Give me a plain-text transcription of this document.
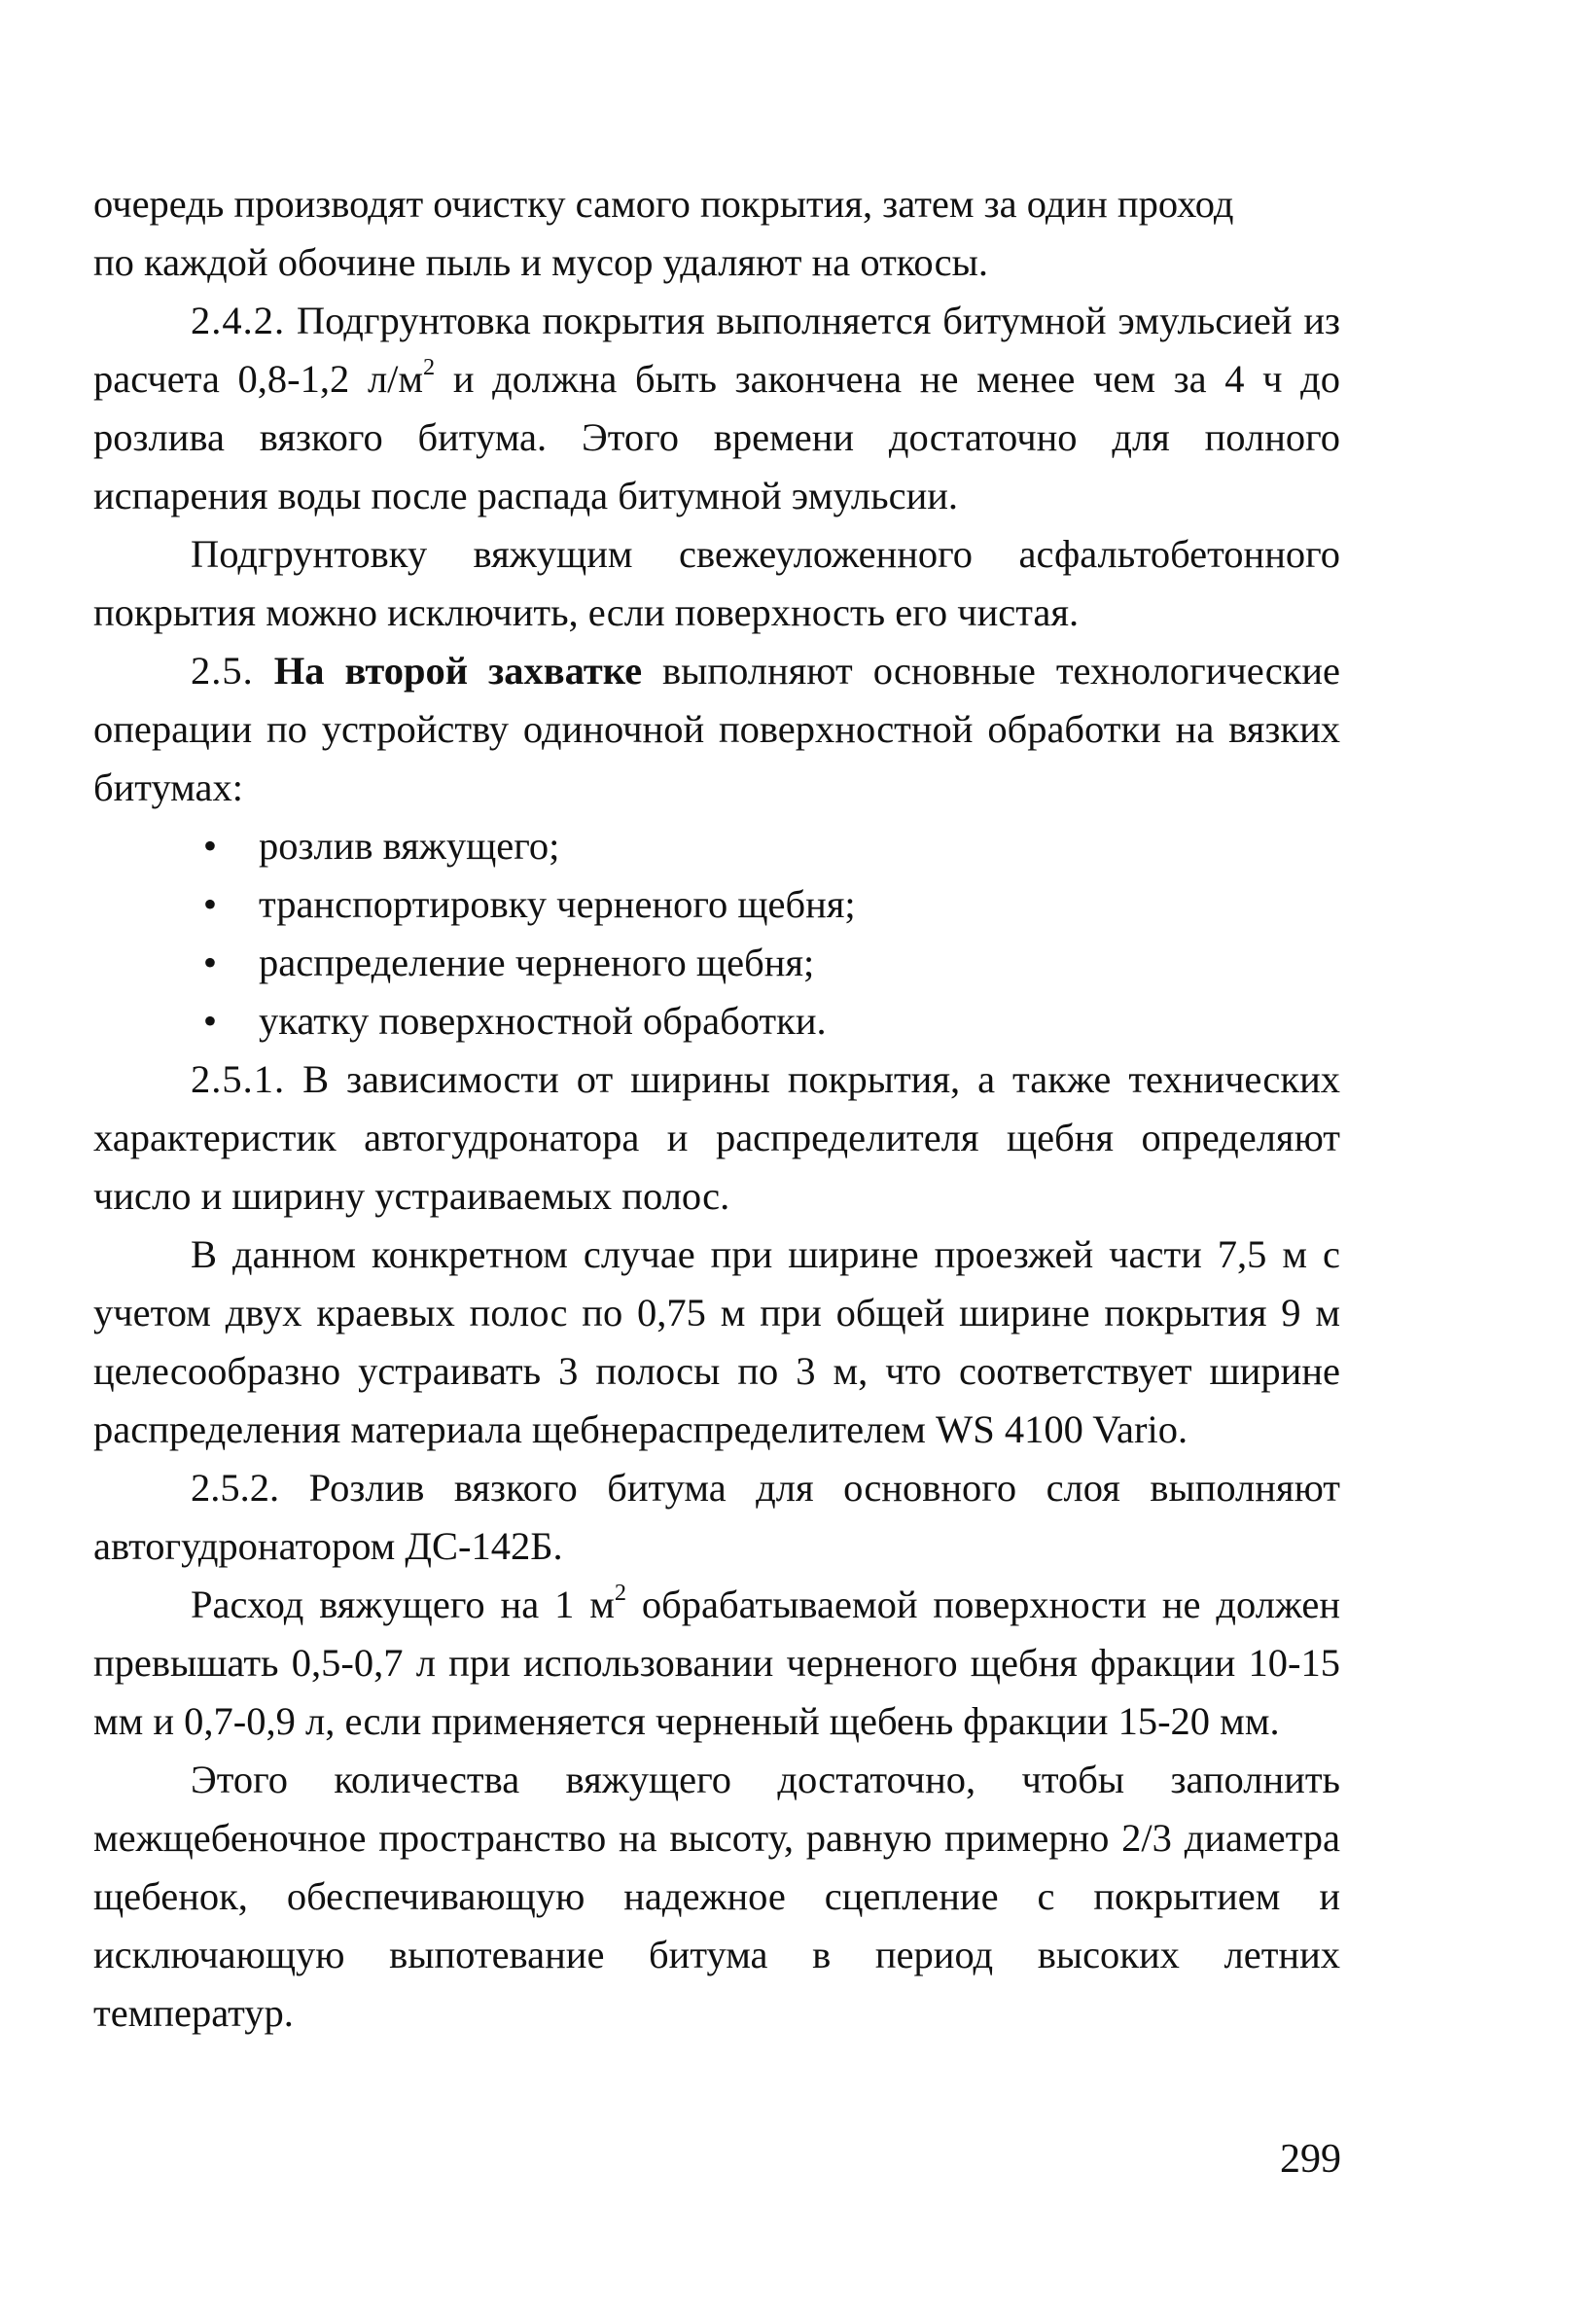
очередь производят очистку самого покрытия, затем за один проход
по каждой обочине пыль и мусор удаляют на откосы.

2.4.2. Подгрунтовка покрытия выполняется битумной эмульсией из расчета 0,8-1,2 $л/м^2$ и должна быть закончена не менее чем за 4 ч до розлива вязкого битума. Этого времени достаточно для полного испарения воды после распада битумной эмульсии.

Подгрунтовку вяжущим свежеуложенного асфальтобетонного покрытия можно исключить, если поверхность его чистая.

2.5. На второй захватке выполняют основные технологические операции по устройству одиночной поверхностной обработки на вязких битумах:

•	розлив вяжущего;
•	транспортировку черненого щебня;
•	распределение черненого щебня;
•	укатку поверхностной обработки.

2.5.1. В зависимости от ширины покрытия, а также технических характеристик автогудронатора и распределителя щебня определяют число и ширину устраиваемых полос.

В данном конкретном случае при ширине проезжей части 7,5 м с учетом двух краевых полос по 0,75 м при общей ширине покрытия 9 м целесообразно устраивать 3 полосы по 3 м, что соответствует ширине распределения материала щебнераспределителем WS 4100 Vario.

2.5.2. Розлив вязкого битума для основного слоя выполняют автогудронатором ДС-142Б.

Расход вяжущего на 1 $м^2$ обрабатываемой поверхности не должен превышать 0,5-0,7 л при использовании черненого щебня фракции 10-15 мм и 0,7-0,9 л, если применяется черненый щебень фракции 15-20 мм.

Этого количества вяжущего достаточно, чтобы заполнить межщебеночное пространство на высоту, равную примерно 2/3 диаметра щебенок, обеспечивающую надежное сцепление с покрытием и исключающую выпотевание битума в период высоких летних температур.

299
